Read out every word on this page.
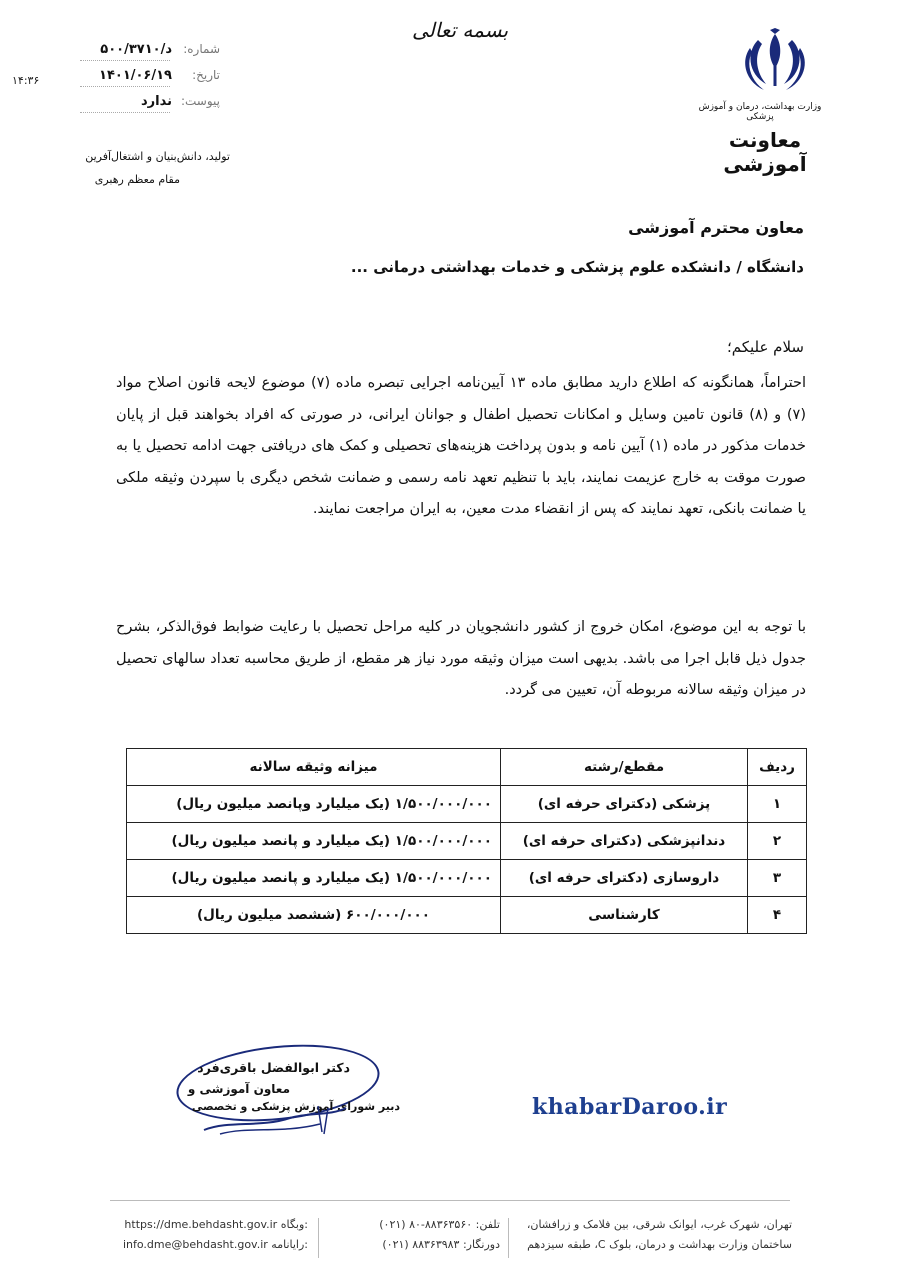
بسمه تعالی
شماره:
د/۵۰۰/۳۷۱۰
تاریخ:
۱۴۰۱/۰۶/۱۹
پیوست:
ندارد
۱۴:۳۶
تولید، دانش‌بنیان و اشتغال‌آفرین
مقام معظم رهبری
وزارت بهداشت، درمان و آموزش پزشکی
معاونت آموزشی
معاون محترم آموزشی
دانشگاه / دانشکده علوم پزشکی و خدمات بهداشتی درمانی ...
سلام علیکم؛
احتراماً، همانگونه که اطلاع دارید مطابق ماده ۱۳ آیین‌نامه اجرایی تبصره ماده (۷) موضوع لایحه قانون اصلاح مواد (۷) و (۸) قانون تامین وسایل و امکانات تحصیل اطفال و جوانان ایرانی، در صورتی که افراد بخواهند قبل از پایان خدمات مذکور در ماده (۱) آیین نامه و بدون پرداخت هزینه‌های تحصیلی و کمک های دریافتی جهت ادامه تحصیل یا به صورت موقت به خارج عزیمت نمایند، باید با تنظیم تعهد نامه رسمی و ضمانت شخص دیگری با سپردن وثیقه ملکی یا ضمانت بانکی، تعهد نمایند که پس از انقضاء مدت معین، به ایران مراجعت نمایند.
با توجه به این موضوع، امکان خروج از کشور دانشجویان در کلیه مراحل تحصیل با رعایت ضوابط فوق‌الذکر، بشرح جدول ذیل قابل اجرا می باشد. بدیهی است میزان وثیقه مورد نیاز هر مقطع، از طریق محاسبه تعداد سالهای تحصیل در میزان وثیقه سالانه مربوطه آن، تعیین می گردد.
ردیف	مقطع/رشته	میزانه وثیقه سالانه
۱	پزشکی (دکترای حرفه ای)	۱/۵۰۰/۰۰۰/۰۰۰ (یک میلیارد وپانصد میلیون ریال)
۲	دندانپزشکی (دکترای حرفه ای)	۱/۵۰۰/۰۰۰/۰۰۰ (یک میلیارد و پانصد میلیون ریال)
۳	داروسازی (دکترای حرفه ای)	۱/۵۰۰/۰۰۰/۰۰۰ (یک میلیارد و پانصد میلیون ریال)
۴	کارشناسی	۶۰۰/۰۰۰/۰۰۰ (ششصد میلیون ریال)
دکتر ابوالفضل باقری‌فرد
معاون آموزشی و
دبیر شورای آموزش پزشکی و تخصصی	khabarDaroo.ir
تهران، شهرک غرب، ایوانک شرقی، بین فلامک و زرافشان،
ساختمان وزارت بهداشت و درمان، بلوک C، طبقه سیزدهم
تلفن: ۸۸۳۶۳۵۶۰-۸۰ (۰۲۱)
دورنگار: ۸۸۳۶۳۹۸۳ (۰۲۱)
https://dme.behdasht.gov.ir وبگاه:
info.dme@behdasht.gov.ir رایانامه:
